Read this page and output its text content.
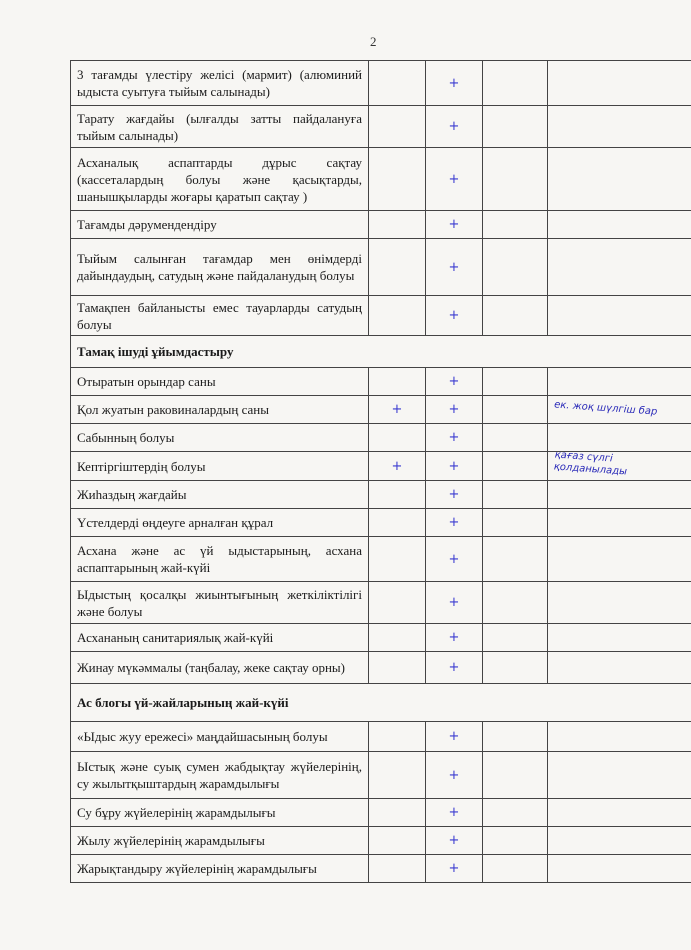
2
3 тағамды үлестіру желісі (мармит) (алюминий ыдыста суытуға тыйым салынады)		+		

Тарату жағдайы (ылғалды затты пайдалануға тыйым салынады)		+		

Асханалық аспаптарды дұрыс сақтау (кассеталардың болуы және қасықтарды, шанышқыларды жоғары қаратып сақтау )		+		

Тағамды дәрумендендіру		+		

Тыйым салынған тағамдар мен өнімдерді дайындаудың, сатудың және пайдаланудың болуы		+		

Тамақпен байланысты емес тауарларды сатудың болуы		+		

Тамақ ішуді ұйымдастыру				
Отыратын орындар саны		+		

Қол жуатын раковиналардың саны	+	+		ек. жоқ шүлгіш бар

Сабынның болуы		+		

Кептіргіштердің болуы	+	+		қағаз сүлгі қолданылады

Жиһаздың жағдайы		+		

Үстелдерді өңдеуге арналған құрал		+		

Асхана және ас үй ыдыстарының, асхана аспаптарының жай-күйі		+		

Ыдыстың қосалқы жиынтығының жеткіліктілігі және болуы		+		

Асхананың санитариялық жай-күйі		+		

Жинау мүкәммалы (таңбалау, жеке сақтау орны)		+		

Ас блогы үй-жайларының жай-күйі				
«Ыдыс жуу ережесі» маңдайшасының болуы		+		

Ыстық және суық сумен жабдықтау жүйелерінің, су жылытқыштардың жарамдылығы		+		

Су бұру жүйелерінің жарамдылығы		+		

Жылу жүйелерінің жарамдылығы		+		

Жарықтандыру жүйелерінің жарамдылығы		+		
